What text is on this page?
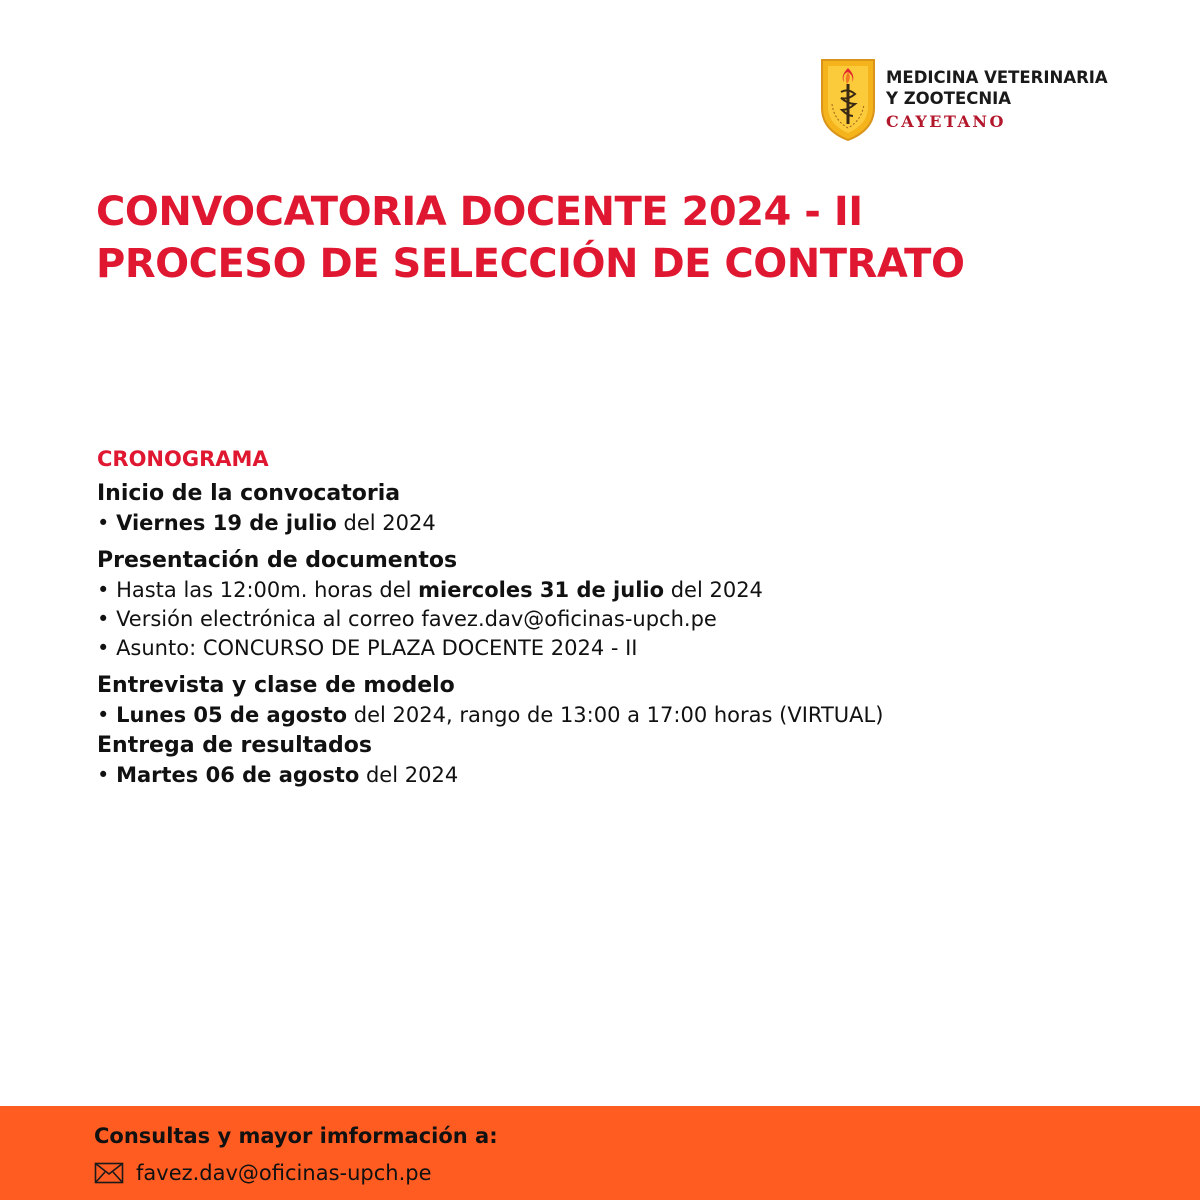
MEDICINA VETERINARIA
Y ZOOTECNIA
CAYETANO
CONVOCATORIA DOCENTE 2024 - II
PROCESO DE SELECCIÓN DE CONTRATO
CRONOGRAMA
Inicio de la convocatoria
• Viernes 19 de julio del 2024
Presentación de documentos
• Hasta las 12:00m. horas del miercoles 31 de julio del 2024
• Versión electrónica al correo favez.dav@oficinas-upch.pe
• Asunto: CONCURSO DE PLAZA DOCENTE 2024 - II
Entrevista y clase de modelo
• Lunes 05 de agosto del 2024, rango de 13:00 a 17:00 horas (VIRTUAL)
Entrega de resultados
• Martes 06 de agosto del 2024
Consultas y mayor imformación a:
favez.dav@oficinas-upch.pe
